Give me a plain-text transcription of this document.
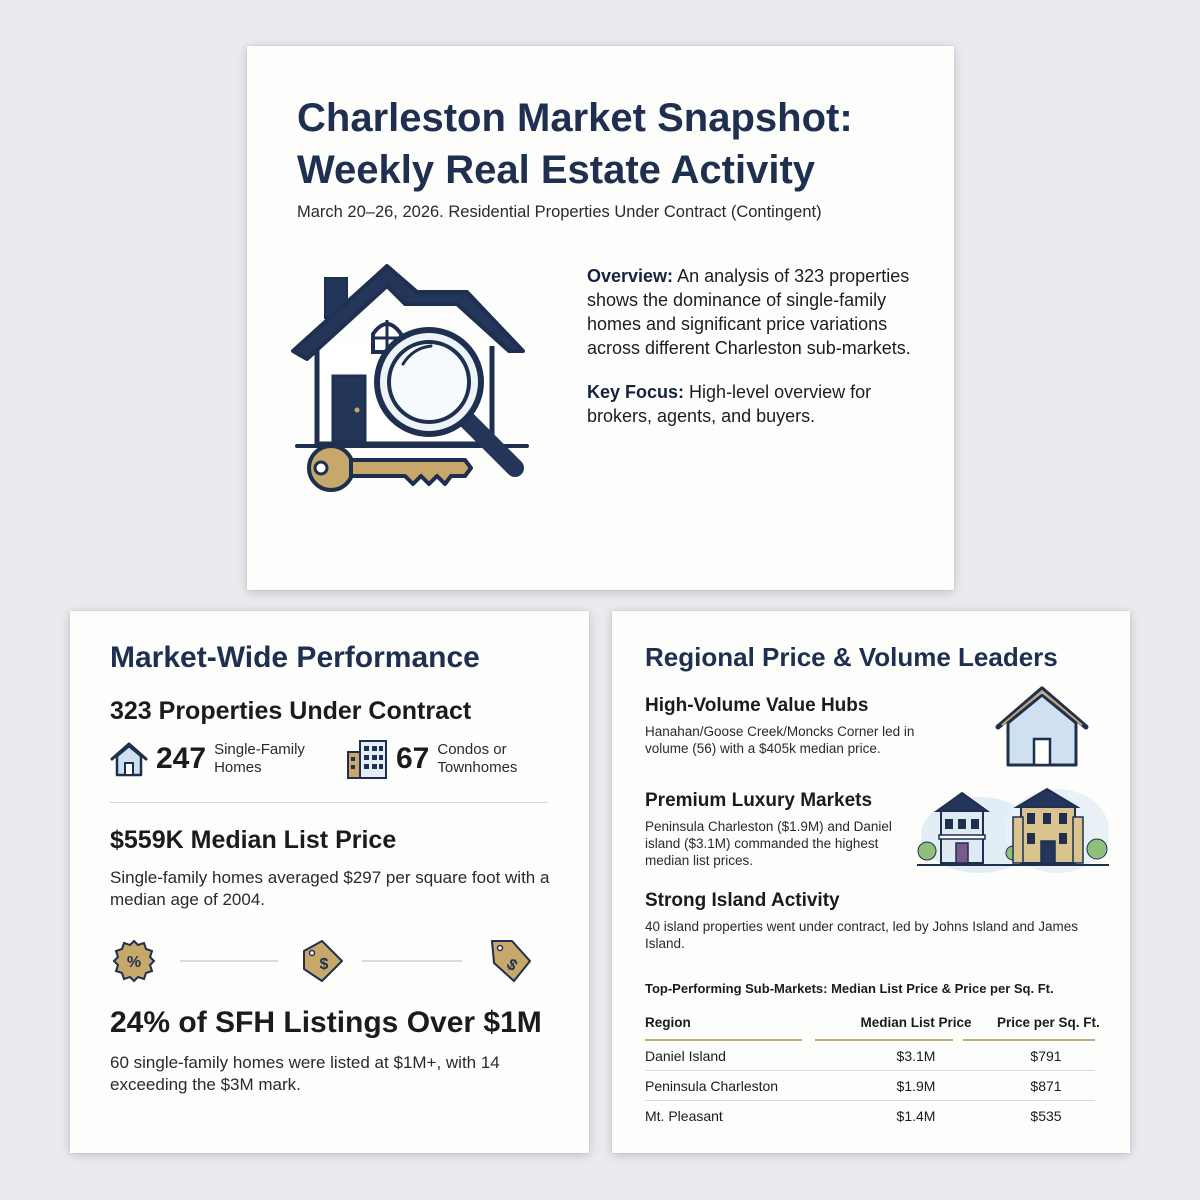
Charleston Market Snapshot:
Weekly Real Estate Activity
March 20–26, 2026. Residential Properties Under Contract (Contingent)

Overview: An analysis of 323 properties shows the dominance of single-family homes and significant price variations across different Charleston sub-markets.

Key Focus: High-level overview for brokers, agents, and buyers.

Market-Wide Performance
323 Properties Under Contract
247 Single-Family
Homes	67 Condos or
Townhomes
$559K Median List Price
Single-family homes averaged $297 per square foot with a median age of 2004.
%	$	$
24% of SFH Listings Over $1M
60 single-family homes were listed at $1M+, with 14 exceeding the $3M mark.
Regional Price & Volume Leaders
High-Volume Value Hubs
Hanahan/Goose Creek/Moncks Corner led in volume (56) with a $405k median price.
Premium Luxury Markets
Peninsula Charleston ($1.9M) and Daniel island ($3.1M) commanded the highest median list prices.
Strong Island Activity
40 island properties went under contract, led by Johns Island and James Island.
Top-Performing Sub-Markets: Median List Price & Price per Sq. Ft.
Region	Median List Price	Price per Sq. Ft.
Daniel Island	$3.1M	$791
Peninsula Charleston	$1.9M	$871
Mt. Pleasant	$1.4M	$535
